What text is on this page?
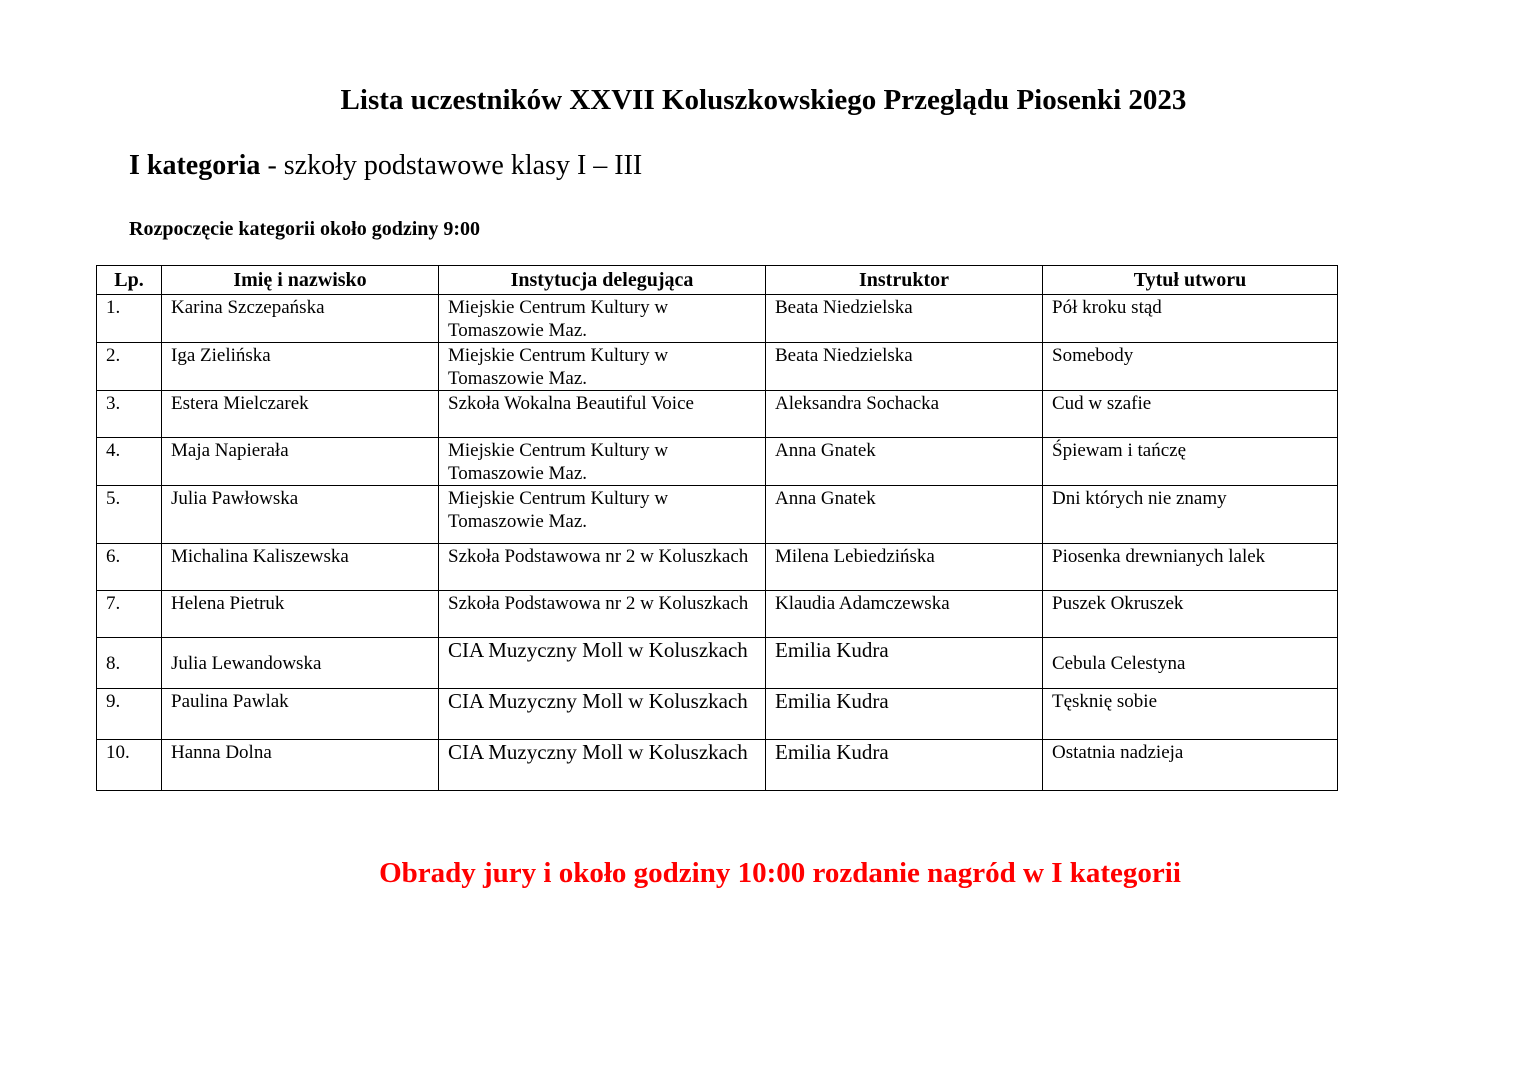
Lista uczestników XXVII Koluszkowskiego Przeglądu Piosenki 2023

I kategoria - szkoły podstawowe klasy I – III

Rozpoczęcie kategorii około godziny 9:00

Lp.	Imię i nazwisko	Instytucja delegująca	Instruktor	Tytuł utworu
1.	Karina Szczepańska	Miejskie Centrum Kultury w Tomaszowie Maz.	Beata Niedzielska	Pół kroku stąd
2.	Iga Zielińska	Miejskie Centrum Kultury w Tomaszowie Maz.	Beata Niedzielska	Somebody
3.	Estera Mielczarek	Szkoła Wokalna Beautiful Voice	Aleksandra Sochacka	Cud w szafie
4.	Maja Napierała	Miejskie Centrum Kultury w Tomaszowie Maz.	Anna Gnatek	Śpiewam i tańczę
5.	Julia Pawłowska	Miejskie Centrum Kultury w Tomaszowie Maz.	Anna Gnatek	Dni których nie znamy
6.	Michalina Kaliszewska	Szkoła Podstawowa nr 2 w Koluszkach	Milena Lebiedzińska	Piosenka drewnianych lalek
7.	Helena Pietruk	Szkoła Podstawowa nr 2 w Koluszkach	Klaudia Adamczewska	Puszek Okruszek
8.	Julia Lewandowska	CIA Muzyczny Moll w Koluszkach	Emilia Kudra	Cebula Celestyna
9.	Paulina Pawlak	CIA Muzyczny Moll w Koluszkach	Emilia Kudra	Tęsknię sobie
10.	Hanna Dolna	CIA Muzyczny Moll w Koluszkach	Emilia Kudra	Ostatnia nadzieja

Obrady jury i około godziny 10:00 rozdanie nagród w I kategorii
